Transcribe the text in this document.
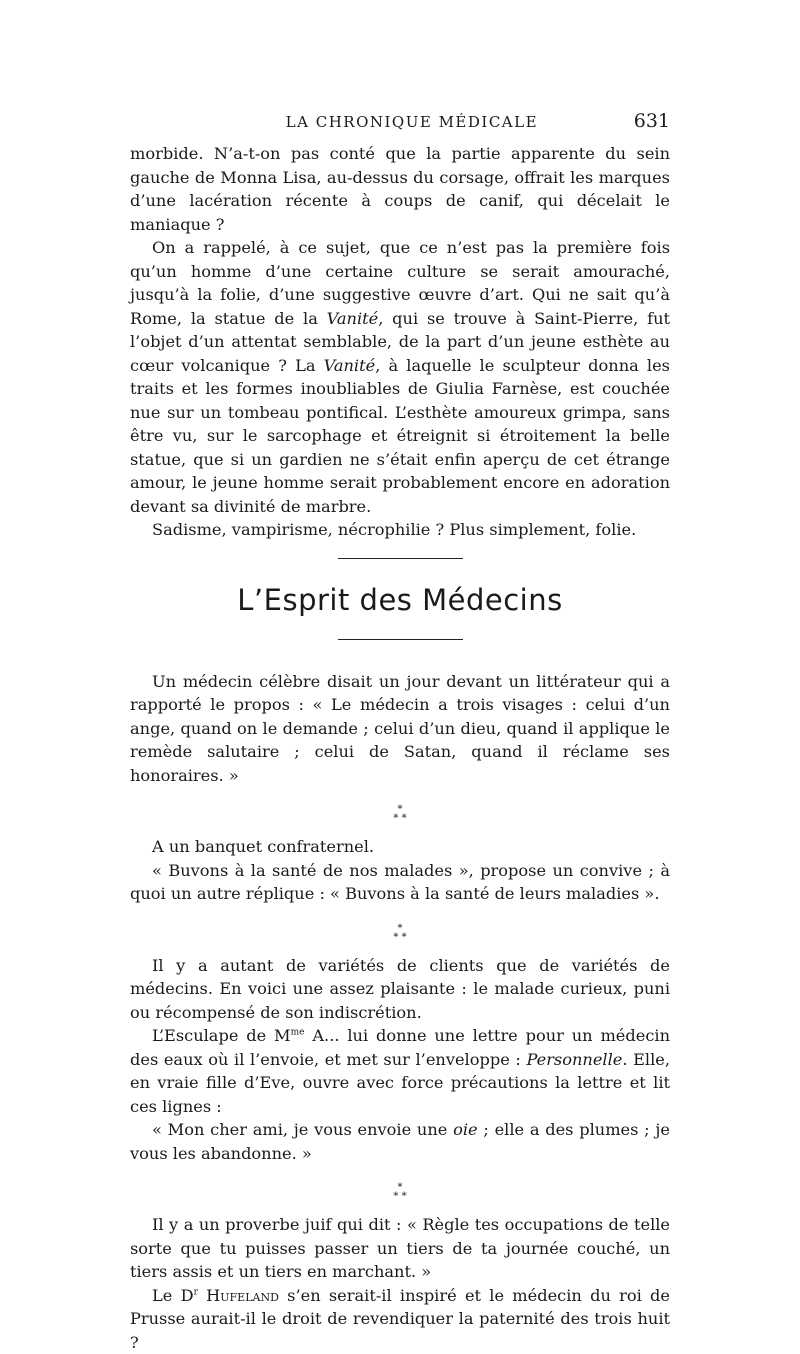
LA CHRONIQUE MÉDICALE	631

morbide. N’a-t-on pas conté que la partie apparente du sein gauche de Monna Lisa, au-dessus du corsage, offrait les marques d’une lacération récente à coups de canif, qui décelait le maniaque ?

On a rappelé, à ce sujet, que ce n’est pas la première fois qu’un homme d’une certaine culture se serait amouraché, jusqu’à la folie, d’une suggestive œuvre d’art. Qui ne sait qu’à Rome, la statue de la Vanité, qui se trouve à Saint-Pierre, fut l’objet d’un attentat semblable, de la part d’un jeune esthète au cœur volcanique ? La Vanité, à laquelle le sculpteur donna les traits et les formes inoubliables de Giulia Farnèse, est couchée nue sur un tombeau pontifical. L’esthète amoureux grimpa, sans être vu, sur le sarcophage et étreignit si étroitement la belle statue, que si un gardien ne s’était enfin aperçu de cet étrange amour, le jeune homme serait probablement encore en adoration devant sa divinité de marbre.

Sadisme, vampirisme, nécrophilie ? Plus simplement, folie.

L’Esprit des Médecins

Un médecin célèbre disait un jour devant un littérateur qui a rapporté le propos : « Le médecin a trois visages : celui d’un ange, quand on le demande ; celui d’un dieu, quand il applique le remède salutaire ; celui de Satan, quand il réclame ses honoraires. »

*
* *

A un banquet confraternel.

« Buvons à la santé de nos malades », propose un convive ; à quoi un autre réplique : « Buvons à la santé de leurs maladies ».

*
* *

Il y a autant de variétés de clients que de variétés de médecins. En voici une assez plaisante : le malade curieux, puni ou récompensé de son indiscrétion.

L’Esculape de $M^{me}$ A... lui donne une lettre pour un médecin des eaux où il l’envoie, et met sur l’enveloppe : Personnelle. Elle, en vraie fille d’Eve, ouvre avec force précautions la lettre et lit ces lignes :

« Mon cher ami, je vous envoie une oie ; elle a des plumes ; je vous les abandonne. »

*
* *

Il y a un proverbe juif qui dit : « Règle tes occupations de telle sorte que tu puisses passer un tiers de ta journée couché, un tiers assis et un tiers en marchant. »

Le $D^r$ Hufeland s’en serait-il inspiré et le médecin du roi de Prusse aurait-il le droit de revendiquer la paternité des trois huit ?
